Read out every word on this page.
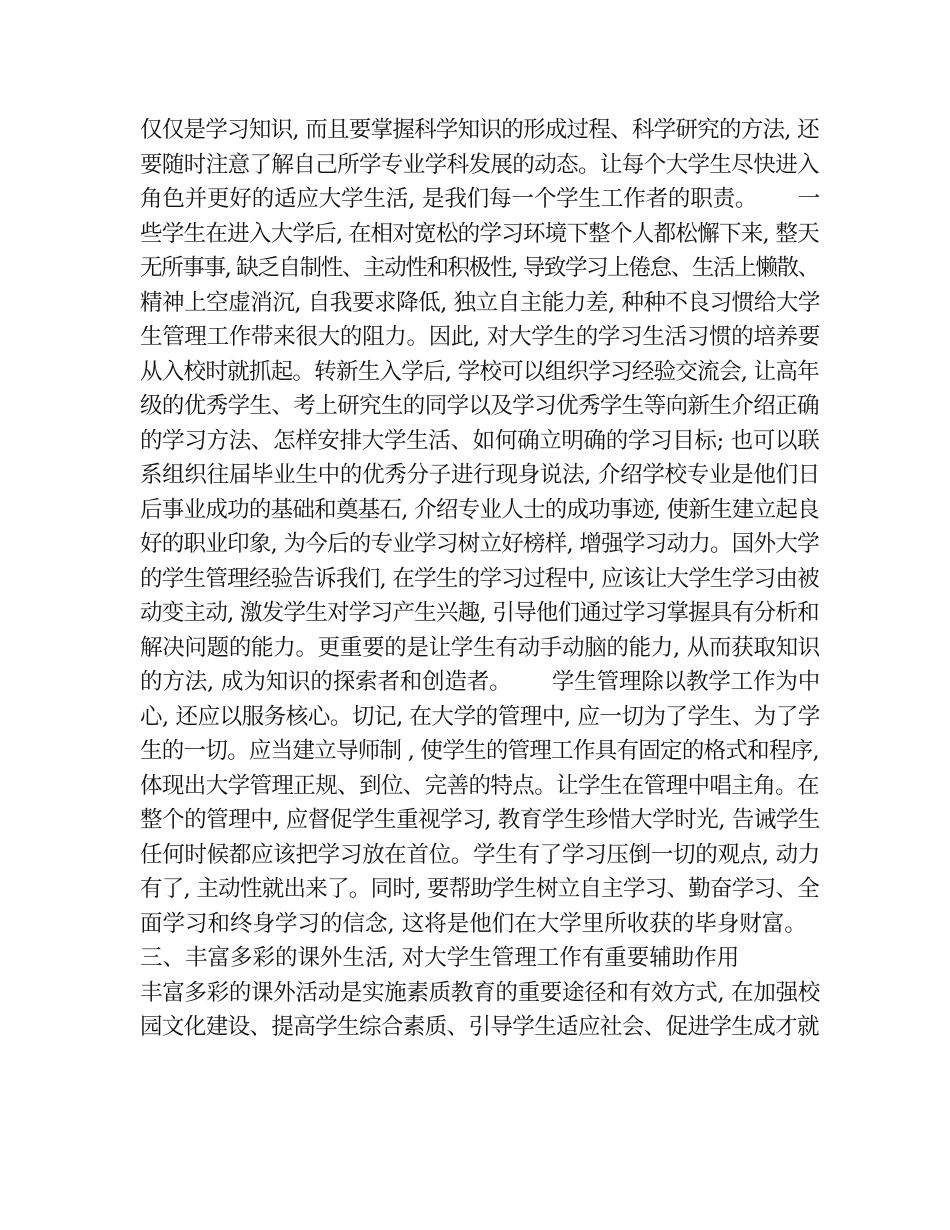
仅仅是学习知识, 而且要掌握科学知识的形成过程、科学研究的方法, 还
要随时注意了解自己所学专业学科发展的动态。让每个大学生尽快进入
角色并更好的适应大学生活, 是我们每一个学生工作者的职责。　　 一
些学生在进入大学后, 在相对宽松的学习环境下整个人都松懈下来, 整天
无所事事, 缺乏自制性、主动性和积极性, 导致学习上倦怠、生活上懒散、
精神上空虚消沉, 自我要求降低, 独立自主能力差, 种种不良习惯给大学
生管理工作带来很大的阻力。因此, 对大学生的学习生活习惯的培养要
从入校时就抓起。转新生入学后, 学校可以组织学习经验交流会, 让高年
级的优秀学生、考上研究生的同学以及学习优秀学生等向新生介绍正确
的学习方法、怎样安排大学生活、如何确立明确的学习目标; 也可以联
系组织往届毕业生中的优秀分子进行现身说法, 介绍学校专业是他们日
后事业成功的基础和奠基石, 介绍专业人士的成功事迹, 使新生建立起良
好的职业印象, 为今后的专业学习树立好榜样, 增强学习动力。国外大学
的学生管理经验告诉我们, 在学生的学习过程中, 应该让大学生学习由被
动变主动, 激发学生对学习产生兴趣, 引导他们通过学习掌握具有分析和
解决问题的能力。更重要的是让学生有动手动脑的能力, 从而获取知识
的方法, 成为知识的探索者和创造者。　　 学生管理除以教学工作为中
心, 还应以服务核心。切记, 在大学的管理中, 应一切为了学生、为了学
生的一切。应当建立导师制 , 使学生的管理工作具有固定的格式和程序,
体现出大学管理正规、到位、完善的特点。让学生在管理中唱主角。在
整个的管理中, 应督促学生重视学习, 教育学生珍惜大学时光, 告诫学生
任何时候都应该把学习放在首位。学生有了学习压倒一切的观点, 动力
有了, 主动性就出来了。同时, 要帮助学生树立自主学习、勤奋学习、全
面学习和终身学习的信念, 这将是他们在大学里所收获的毕身财富。
三、丰富多彩的课外生活, 对大学生管理工作有重要辅助作用
丰富多彩的课外活动是实施素质教育的重要途径和有效方式, 在加强校
园文化建设、提高学生综合素质、引导学生适应社会、促进学生成才就
